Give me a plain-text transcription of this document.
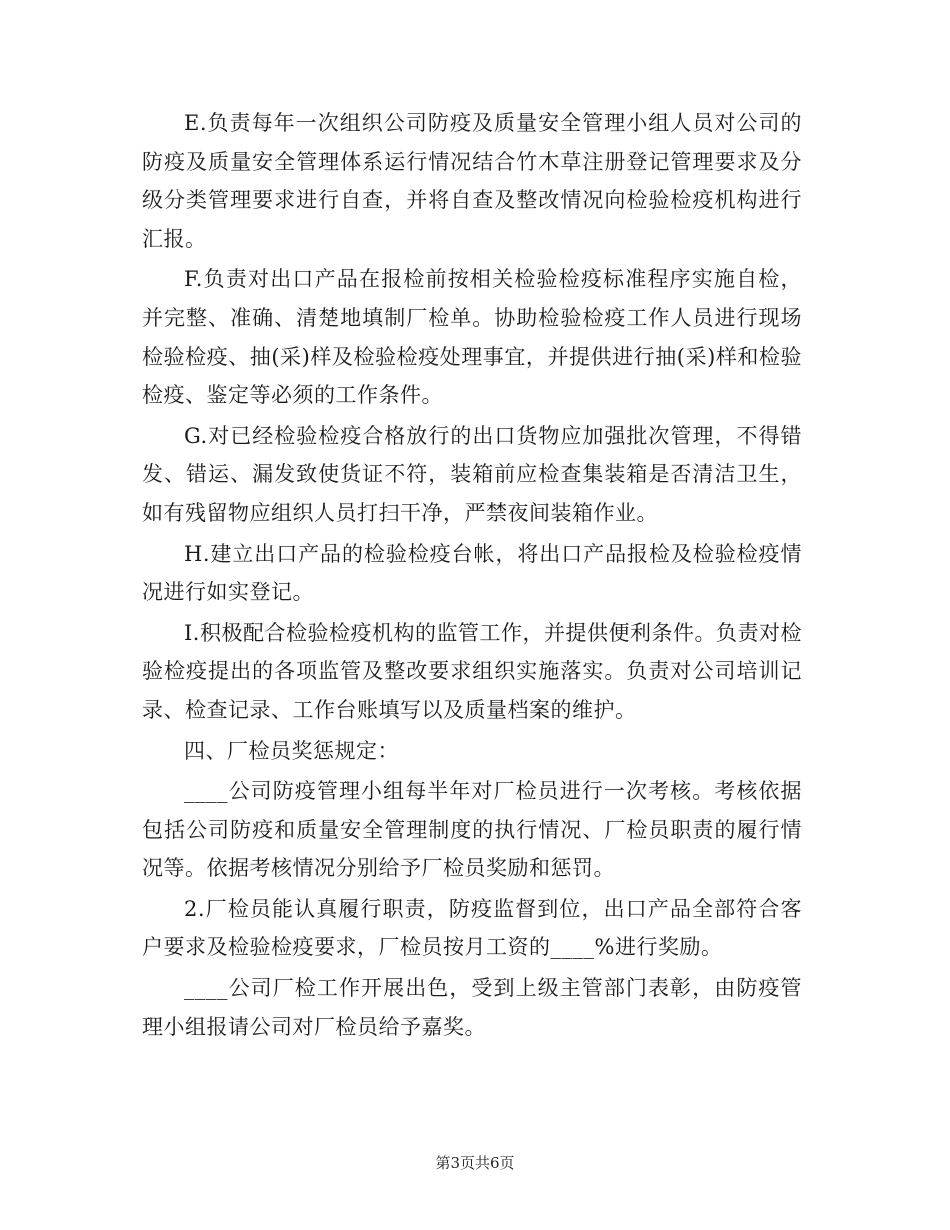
E.负责每年一次组织公司防疫及质量安全管理小组人员对公司的防疫及质量安全管理体系运行情况结合竹木草注册登记管理要求及分级分类管理要求进行自查，并将自查及整改情况向检验检疫机构进行汇报。

F.负责对出口产品在报检前按相关检验检疫标准程序实施自检，并完整、准确、清楚地填制厂检单。协助检验检疫工作人员进行现场检验检疫、抽(采)样及检验检疫处理事宜，并提供进行抽(采)样和检验检疫、鉴定等必须的工作条件。

G.对已经检验检疫合格放行的出口货物应加强批次管理，不得错发、错运、漏发致使货证不符，装箱前应检查集装箱是否清洁卫生，如有残留物应组织人员打扫干净，严禁夜间装箱作业。

H.建立出口产品的检验检疫台帐，将出口产品报检及检验检疫情况进行如实登记。

I.积极配合检验检疫机构的监管工作，并提供便利条件。负责对检验检疫提出的各项监管及整改要求组织实施落实。负责对公司培训记录、检查记录、工作台账填写以及质量档案的维护。

四、厂检员奖惩规定：

____公司防疫管理小组每半年对厂检员进行一次考核。考核依据包括公司防疫和质量安全管理制度的执行情况、厂检员职责的履行情况等。依据考核情况分别给予厂检员奖励和惩罚。

2.厂检员能认真履行职责，防疫监督到位，出口产品全部符合客户要求及检验检疫要求，厂检员按月工资的____%进行奖励。

____公司厂检工作开展出色，受到上级主管部门表彰，由防疫管理小组报请公司对厂检员给予嘉奖。

第3页共6页
